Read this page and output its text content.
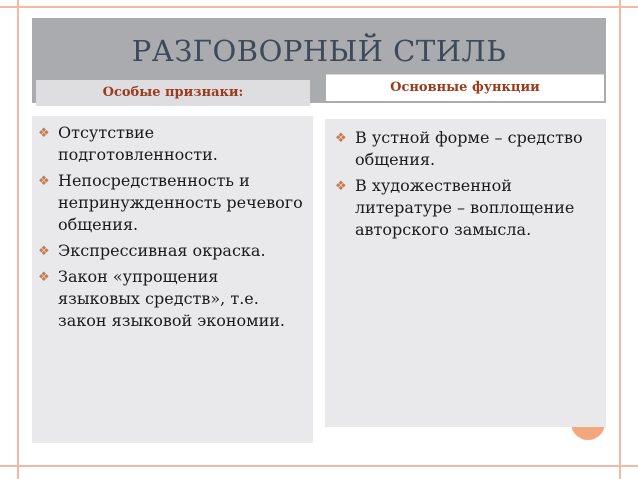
РАЗГОВОРНЫЙ СТИЛЬ
Особые признаки:	Основные функции
❖ Отсутствие подготовленности.
❖ Непосредственность и непринужденность речевого общения.
❖ Экспрессивная окраска.
❖ Закон «упрощения языковых средств», т.е. закон языковой экономии.
❖ В устной форме – средство общения.
❖ В художественной литературе – воплощение авторского замысла.
